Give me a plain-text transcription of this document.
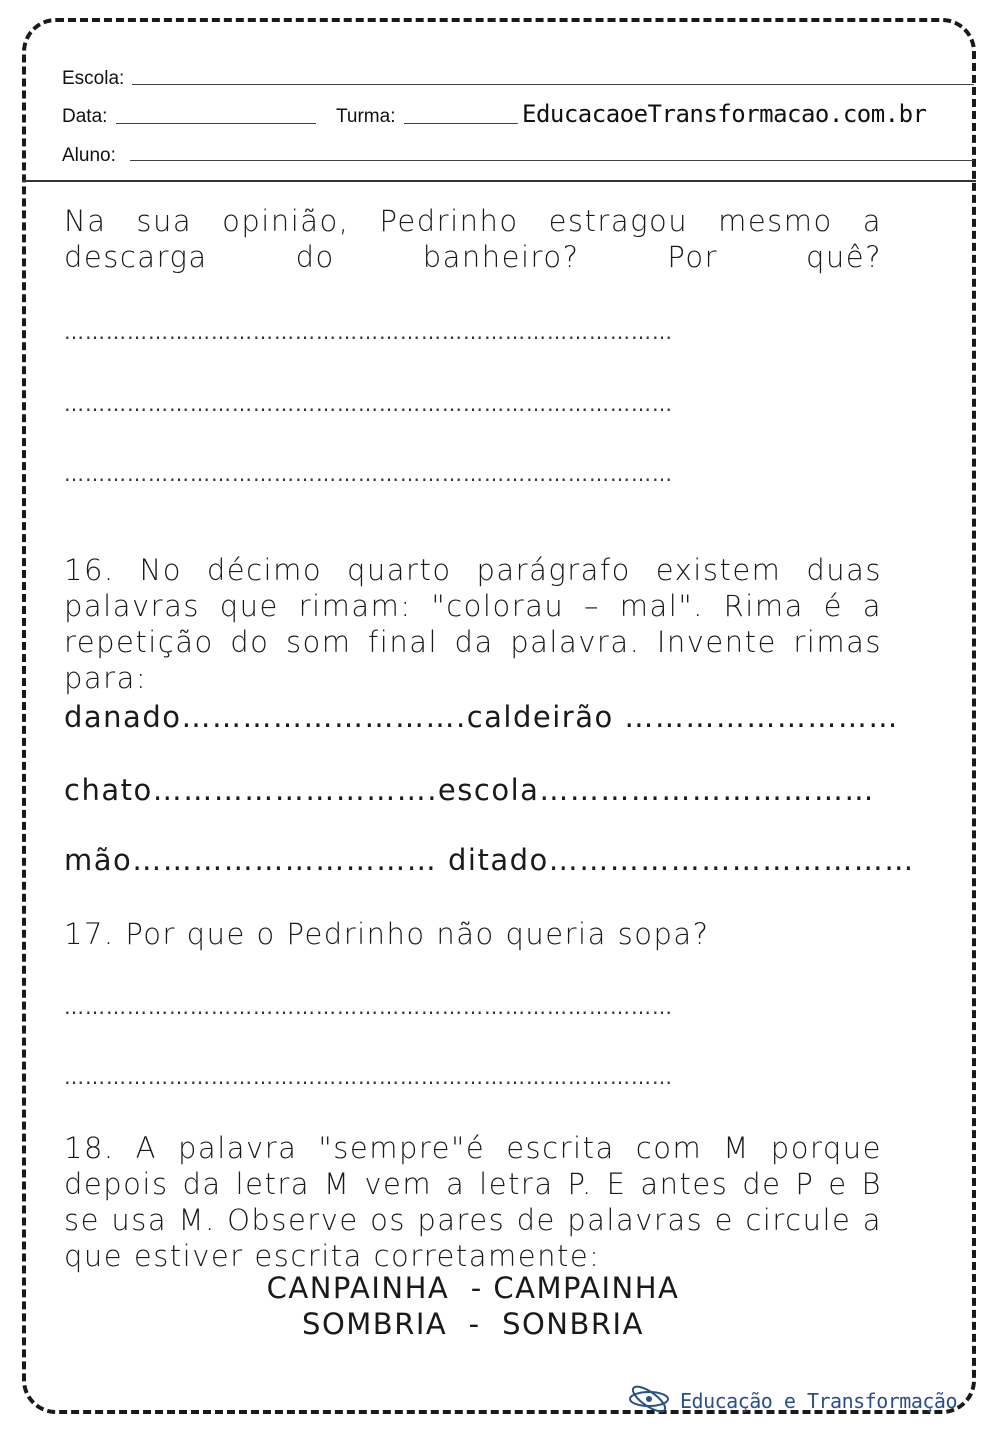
Escola:
Data:	Turma:	EducacaoeTransformacao.com.br
Aluno:
Na sua opinião, Pedrinho estragou mesmo a descarga do banheiro? Por quê?
……………………………………………………………………………
……………………………………………………………………………
……………………………………………………………………………
16. No décimo quarto parágrafo existem duas palavras que rimam: "colorau – mal". Rima é a repetição do som final da palavra. Invente rimas para:
danado……………………….caldeirão ………………………
chato……………………….escola……………………………
mão………………………… ditado………………………………
17. Por que o Pedrinho não queria sopa?
……………………………………………………………………………
……………………………………………………………………………
18. A palavra "sempre"é escrita com M porque depois da letra M vem a letra P. E antes de P e B se usa M. Observe os pares de palavras e circule a que estiver escrita corretamente:
CANPAINHA  - CAMPAINHA
SOMBRIA  -  SONBRIA
Educação e Transformação
